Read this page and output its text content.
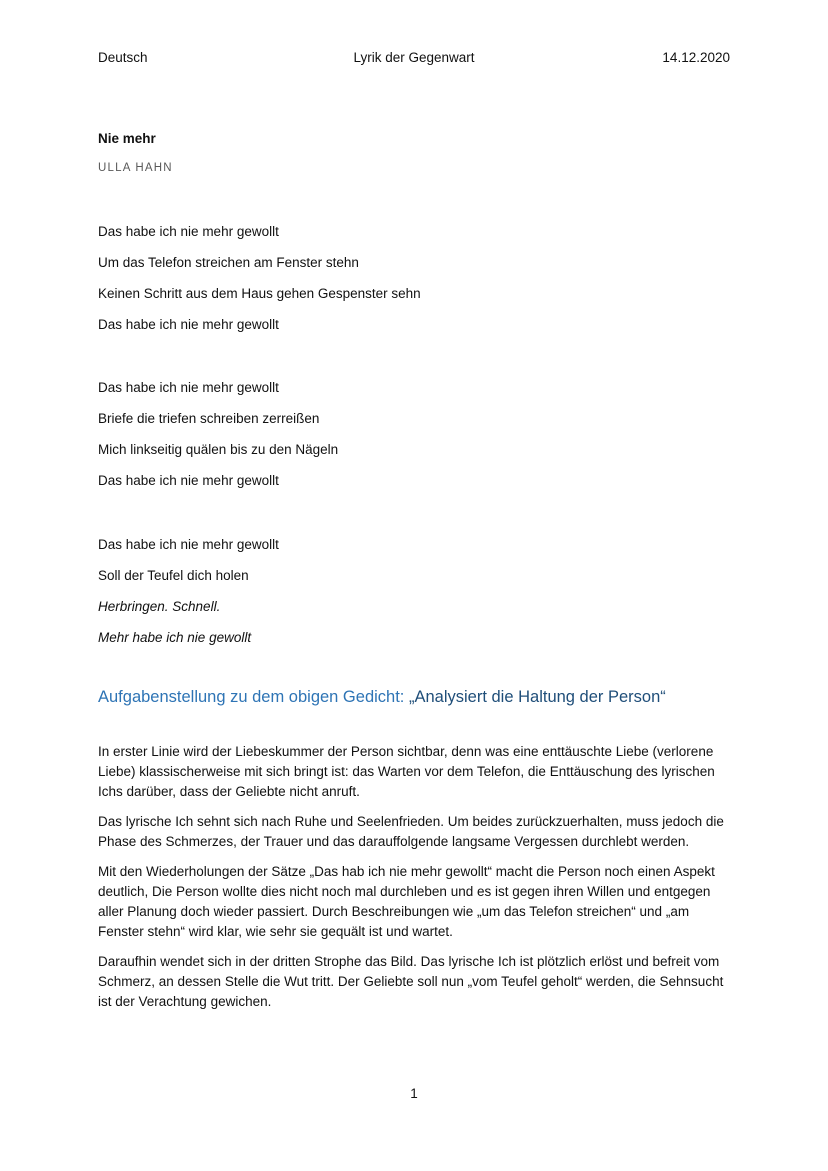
Deutsch	Lyrik der Gegenwart	14.12.2020
Nie mehr
ULLA HAHN
Das habe ich nie mehr gewollt
Um das Telefon streichen am Fenster stehn
Keinen Schritt aus dem Haus gehen Gespenster sehn
Das habe ich nie mehr gewollt
Das habe ich nie mehr gewollt
Briefe die triefen schreiben zerreißen
Mich linkseitig quälen bis zu den Nägeln
Das habe ich nie mehr gewollt
Das habe ich nie mehr gewollt
Soll der Teufel dich holen
Herbringen. Schnell.
Mehr habe ich nie gewollt
Aufgabenstellung zu dem obigen Gedicht: „Analysiert die Haltung der Person“

In erster Linie wird der Liebeskummer der Person sichtbar, denn was eine enttäuschte Liebe (verlorene Liebe) klassischerweise mit sich bringt ist: das Warten vor dem Telefon, die Enttäuschung des lyrischen Ichs darüber, dass der Geliebte nicht anruft.

Das lyrische Ich sehnt sich nach Ruhe und Seelenfrieden. Um beides zurückzuerhalten, muss jedoch die Phase des Schmerzes, der Trauer und das darauffolgende langsame Vergessen durchlebt werden.

Mit den Wiederholungen der Sätze „Das hab ich nie mehr gewollt“ macht die Person noch einen Aspekt deutlich, Die Person wollte dies nicht noch mal durchleben und es ist gegen ihren Willen und entgegen aller Planung doch wieder passiert. Durch Beschreibungen wie „um das Telefon streichen“ und „am Fenster stehn“ wird klar, wie sehr sie gequält ist und wartet.

Daraufhin wendet sich in der dritten Strophe das Bild. Das lyrische Ich ist plötzlich erlöst und befreit vom Schmerz, an dessen Stelle die Wut tritt. Der Geliebte soll nun „vom Teufel geholt“ werden, die Sehnsucht ist der Verachtung gewichen.

1
